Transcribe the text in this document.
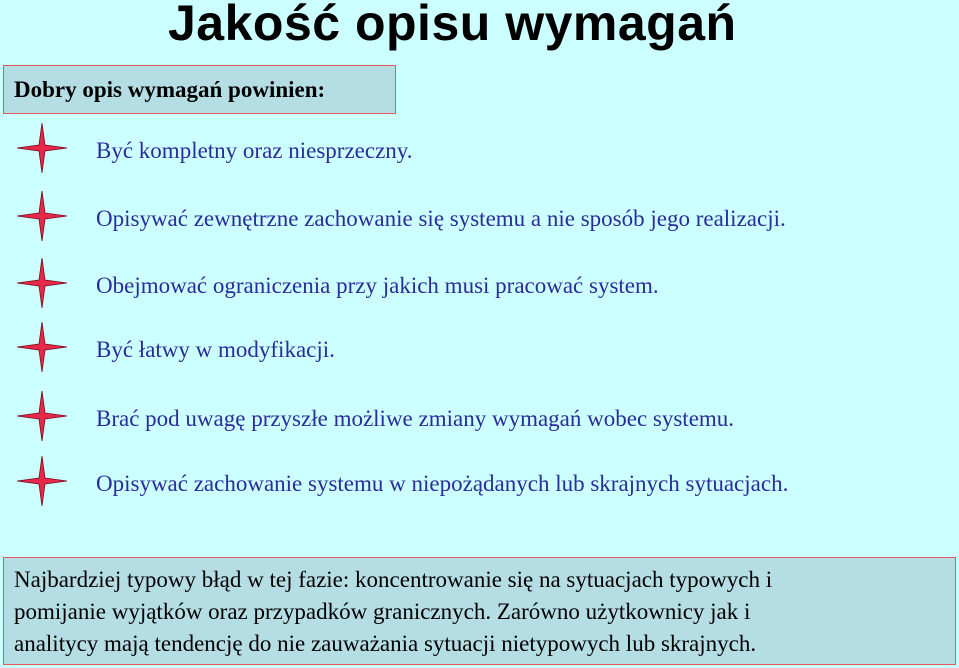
Jakość opisu wymagań
Dobry opis wymagań powinien:
Być kompletny oraz niesprzeczny.
Opisywać zewnętrzne zachowanie się systemu a nie sposób jego realizacji.
Obejmować ograniczenia przy jakich musi pracować system.
Być łatwy w modyfikacji.
Brać pod uwagę przyszłe możliwe zmiany wymagań wobec systemu.
Opisywać zachowanie systemu w niepożądanych lub skrajnych sytuacjach.
Najbardziej typowy błąd w tej fazie: koncentrowanie się na sytuacjach typowych i
pomijanie wyjątków oraz przypadków granicznych. Zarówno użytkownicy jak i
analitycy mają tendencję do nie zauważania sytuacji nietypowych lub skrajnych.
